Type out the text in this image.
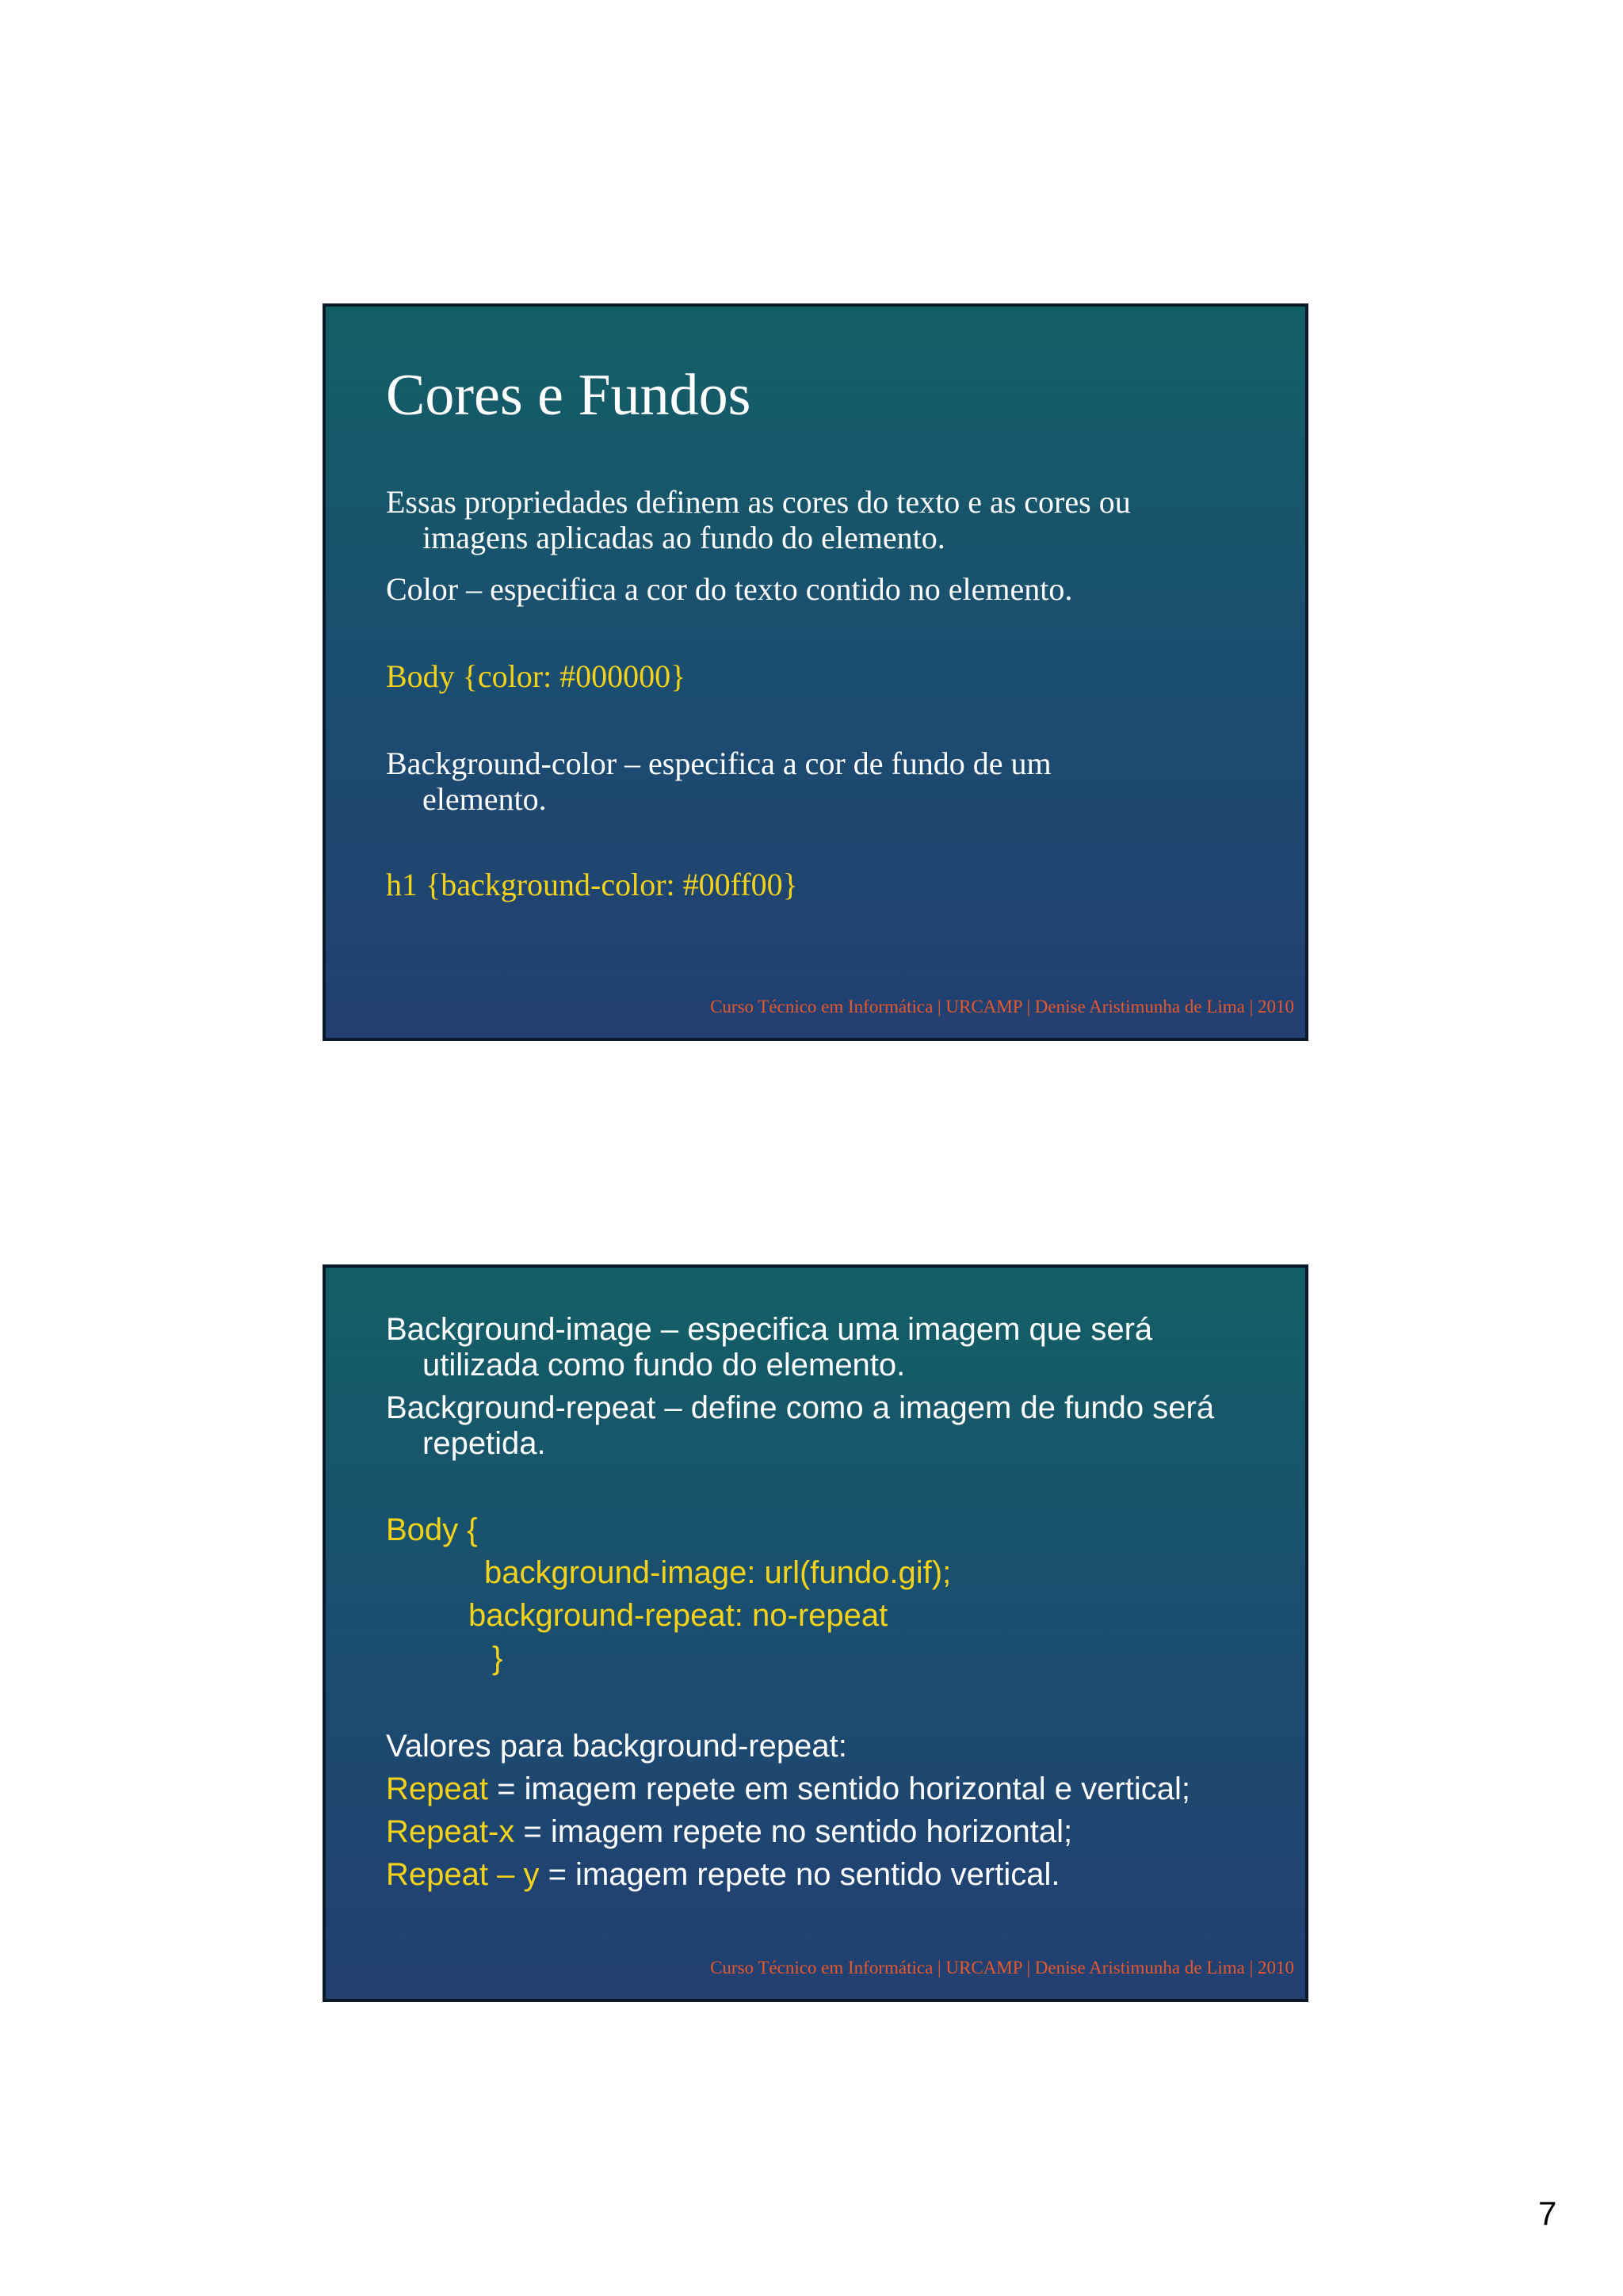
Cores e Fundos

Essas propriedades definem as cores do texto e as cores ou

imagens aplicadas ao fundo do elemento.

Color – especifica a cor do texto contido no elemento.

Body {color: #000000}

Background-color – especifica a cor de fundo de um

elemento.

h1 {background-color: #00ff00}

Curso Técnico em Informática | URCAMP | Denise Aristimunha de Lima | 2010

Background-image – especifica uma imagem que será

utilizada como fundo do elemento.

Background-repeat – define como a imagem de fundo será

repetida.

Body {
background-image: url(fundo.gif);
background-repeat: no-repeat
}
Valores para background-repeat:
Repeat = imagem repete em sentido horizontal e vertical;
Repeat-x = imagem repete no sentido horizontal;
Repeat – y = imagem repete no sentido vertical.
Curso Técnico em Informática | URCAMP | Denise Aristimunha de Lima | 2010
7
